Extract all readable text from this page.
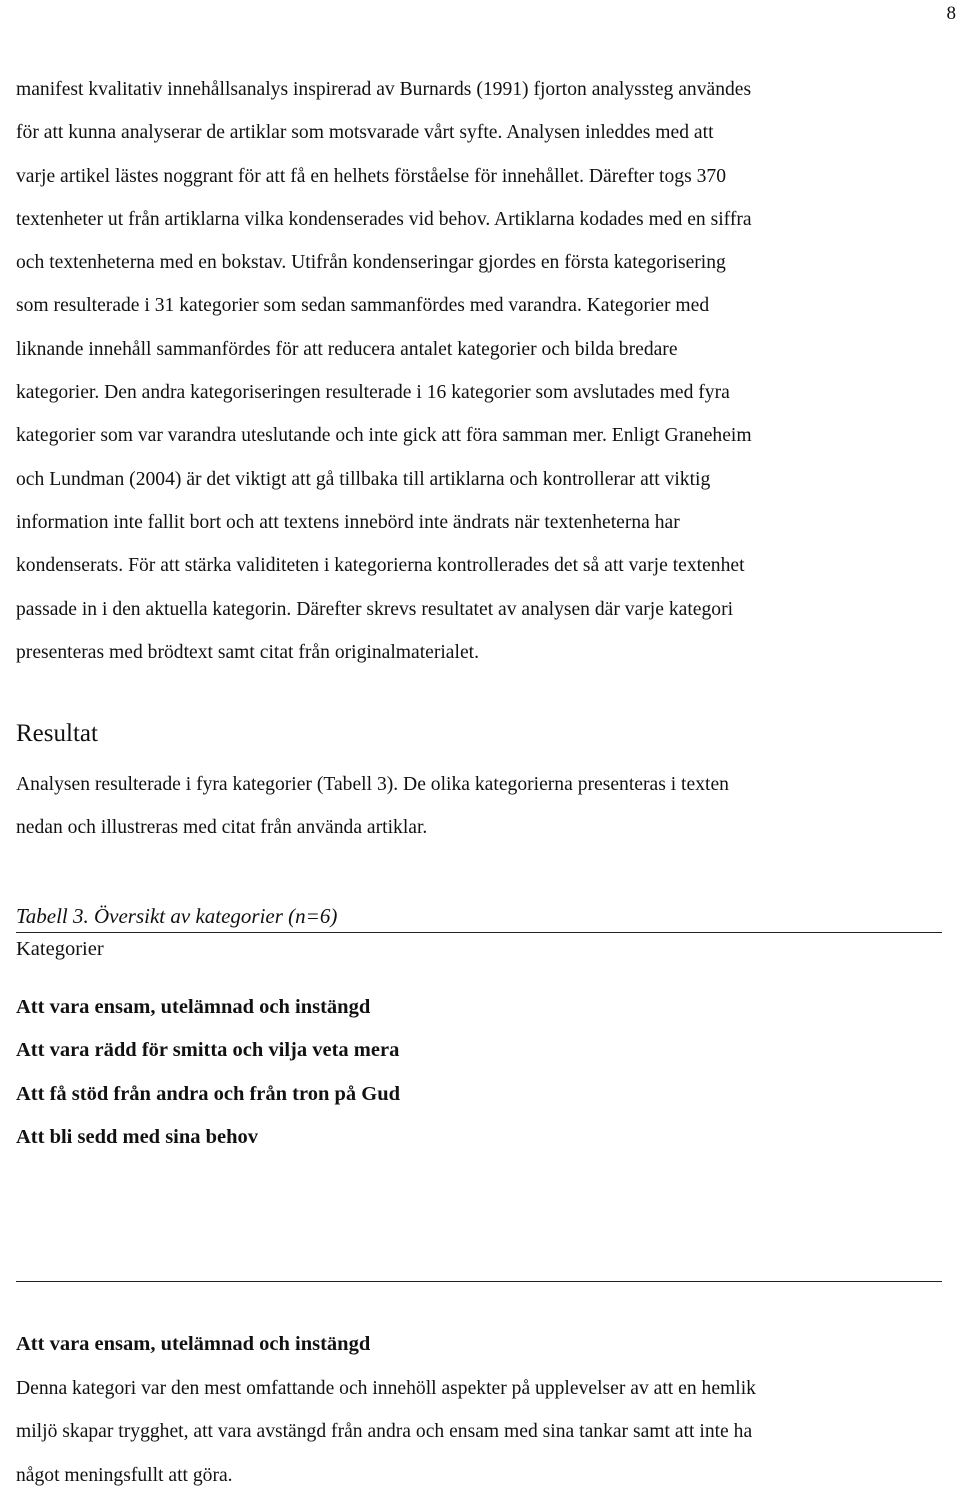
8

manifest kvalitativ innehållsanalys inspirerad av Burnards (1991) fjorton analyssteg användes
för att kunna analyserar de artiklar som motsvarade vårt syfte. Analysen inleddes med att
varje artikel lästes noggrant för att få en helhets förståelse för innehållet. Därefter togs 370
textenheter ut från artiklarna vilka kondenserades vid behov. Artiklarna kodades med en siffra
och textenheterna med en bokstav. Utifrån kondenseringar gjordes en första kategorisering
som resulterade i 31 kategorier som sedan sammanfördes med varandra. Kategorier med
liknande innehåll sammanfördes för att reducera antalet kategorier och bilda bredare
kategorier. Den andra kategoriseringen resulterade i 16 kategorier som avslutades med fyra
kategorier som var varandra uteslutande och inte gick att föra samman mer. Enligt Graneheim
och Lundman (2004) är det viktigt att gå tillbaka till artiklarna och kontrollerar att viktig
information inte fallit bort och att textens innebörd inte ändrats när textenheterna har
kondenserats. För att stärka validiteten i kategorierna kontrollerades det så att varje textenhet
passade in i den aktuella kategorin. Därefter skrevs resultatet av analysen där varje kategori
presenteras med brödtext samt citat från originalmaterialet.

Resultat

Analysen resulterade i fyra kategorier (Tabell 3). De olika kategorierna presenteras i texten
nedan och illustreras med citat från använda artiklar.

Tabell 3. Översikt av kategorier (n=6)
Kategorier
Att vara ensam, utelämnad och instängd
Att vara rädd för smitta och vilja veta mera
Att få stöd från andra och från tron på Gud
Att bli sedd med sina behov
Att vara ensam, utelämnad och instängd

Denna kategori var den mest omfattande och innehöll aspekter på upplevelser av att en hemlik
miljö skapar trygghet, att vara avstängd från andra och ensam med sina tankar samt att inte ha
något meningsfullt att göra.
